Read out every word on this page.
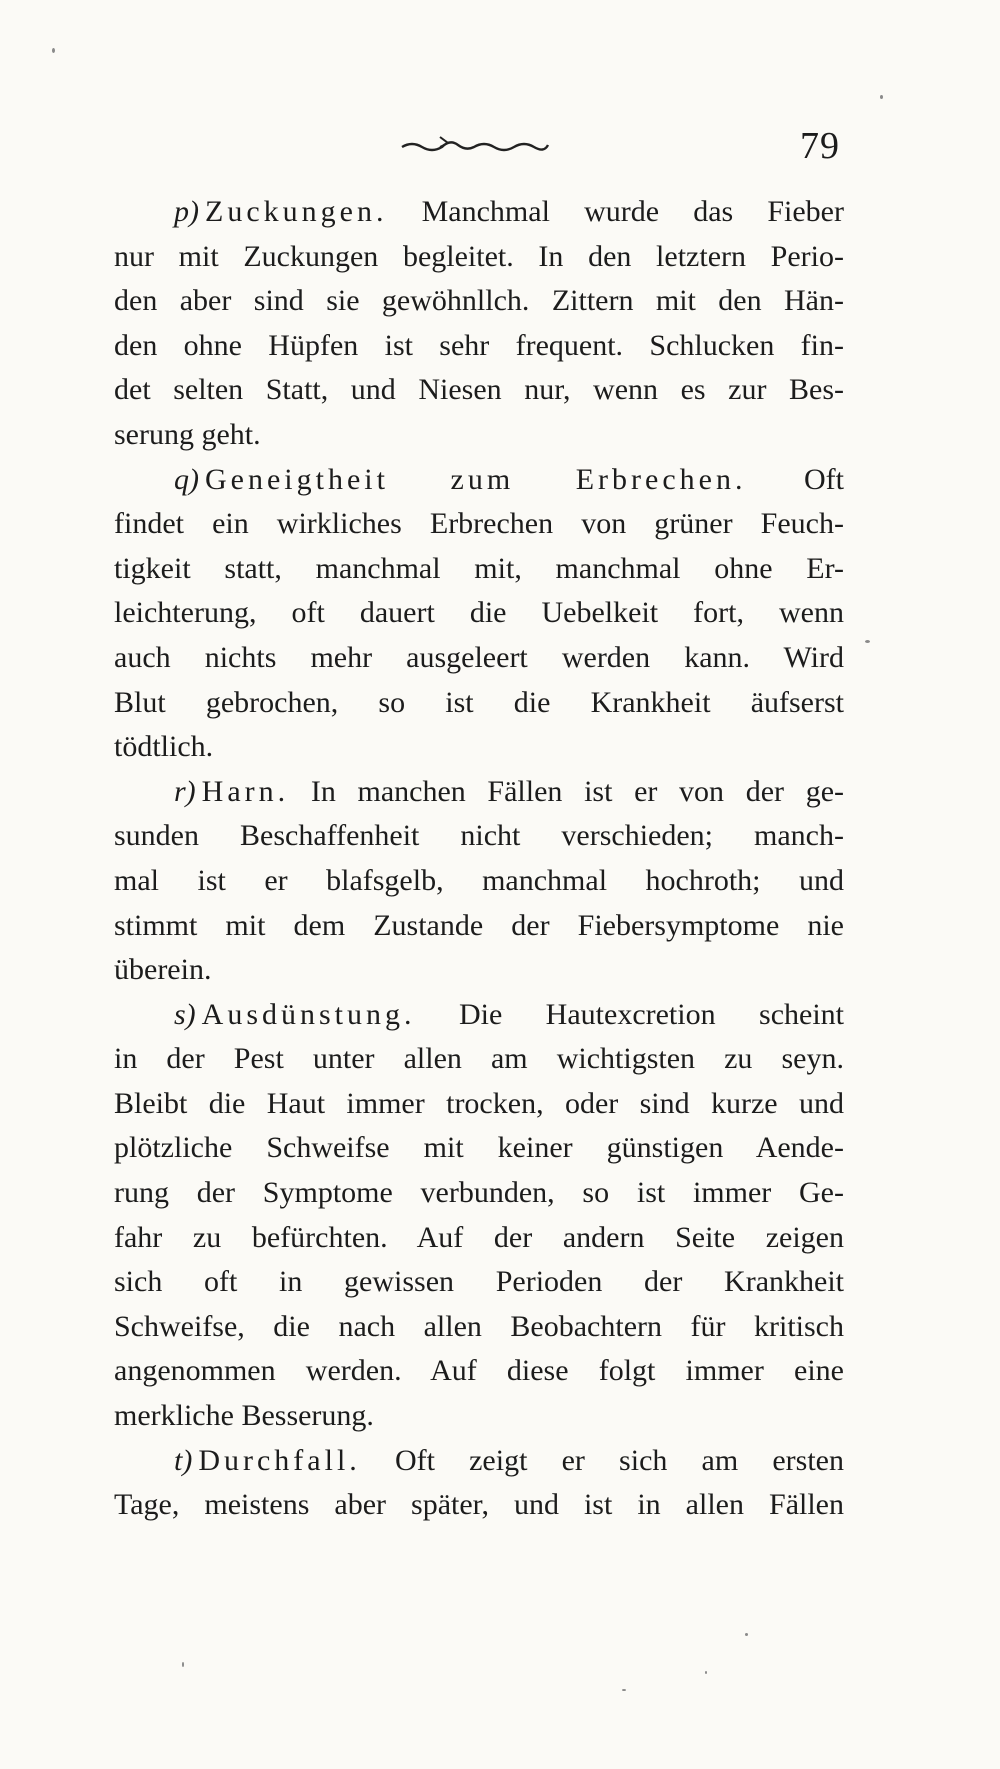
79
p) Zuckungen. Manchmal wurde das Fieber
nur mit Zuckungen begleitet. In den letztern Perio-
den aber sind sie gewöhnllch. Zittern mit den Hän-
den ohne Hüpfen ist sehr frequent. Schlucken fin-
det selten Statt, und Niesen nur, wenn es zur Bes-
serung geht.
q) Geneigtheit zum Erbrechen. Oft
findet ein wirkliches Erbrechen von grüner Feuch-
tigkeit statt, manchmal mit, manchmal ohne Er-
leichterung, oft dauert die Uebelkeit fort, wenn
auch nichts mehr ausgeleert werden kann. Wird
Blut gebrochen, so ist die Krankheit äufserst
tödtlich.
r) Harn. In manchen Fällen ist er von der ge-
sunden Beschaffenheit nicht verschieden; manch-
mal ist er blafsgelb, manchmal hochroth; und
stimmt mit dem Zustande der Fiebersymptome nie
überein.
s) Ausdünstung. Die Hautexcretion scheint
in der Pest unter allen am wichtigsten zu seyn.
Bleibt die Haut immer trocken, oder sind kurze und
plötzliche Schweifse mit keiner günstigen Aende-
rung der Symptome verbunden, so ist immer Ge-
fahr zu befürchten. Auf der andern Seite zeigen
sich oft in gewissen Perioden der Krankheit
Schweifse, die nach allen Beobachtern für kritisch
angenommen werden. Auf diese folgt immer eine
merkliche Besserung.
t) Durchfall. Oft zeigt er sich am ersten
Tage, meistens aber später, und ist in allen Fällen
